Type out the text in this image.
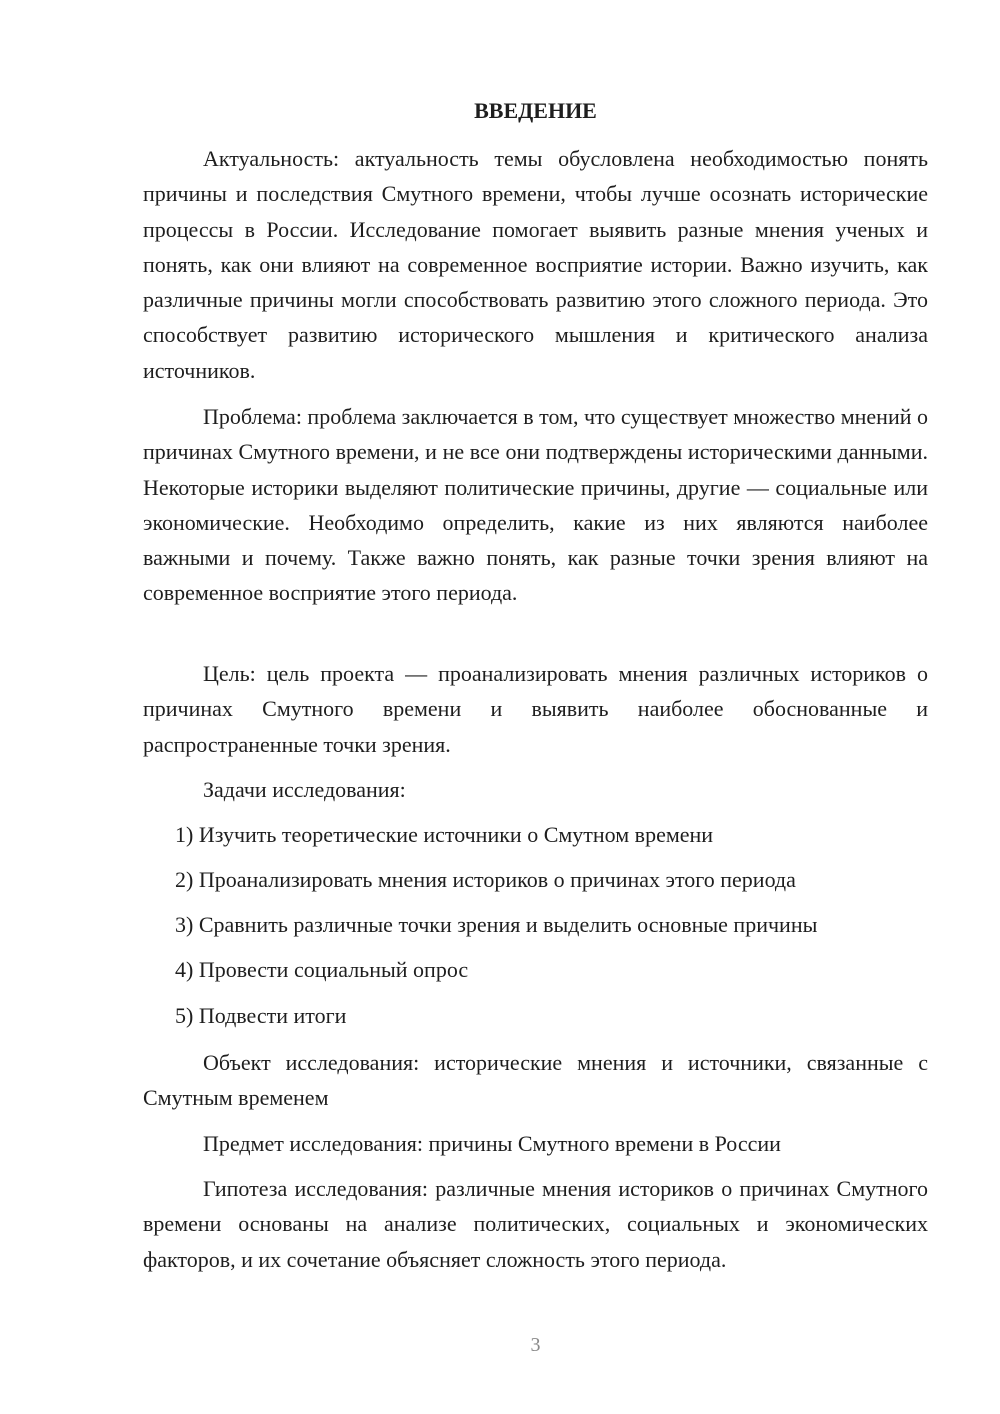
ВВЕДЕНИЕ

Актуальность: актуальность темы обусловлена необходимостью понять причины и последствия Смутного времени, чтобы лучше осознать исторические процессы в России. Исследование помогает выявить разные мнения ученых и понять, как они влияют на современное восприятие истории. Важно изучить, как различные причины могли способствовать развитию этого сложного периода. Это способствует развитию исторического мышления и критического анализа источников.

Проблема: проблема заключается в том, что существует множество мнений о причинах Смутного времени, и не все они подтверждены историческими данными. Некоторые историки выделяют политические причины, другие — социальные или экономические. Необходимо определить, какие из них являются наиболее важными и почему. Также важно понять, как разные точки зрения влияют на современное восприятие этого периода.

Цель: цель проекта — проанализировать мнения различных историков о причинах Смутного времени и выявить наиболее обоснованные и распространенные точки зрения.

Задачи исследования:

1) Изучить теоретические источники о Смутном времени
2) Проанализировать мнения историков о причинах этого периода
3) Сравнить различные точки зрения и выделить основные причины
4) Провести социальный опрос
5) Подвести итоги

Объект исследования: исторические мнения и источники, связанные с Смутным временем

Предмет исследования: причины Смутного времени в России

Гипотеза исследования: различные мнения историков о причинах Смутного времени основаны на анализе политических, социальных и экономических факторов, и их сочетание объясняет сложность этого периода.

3
